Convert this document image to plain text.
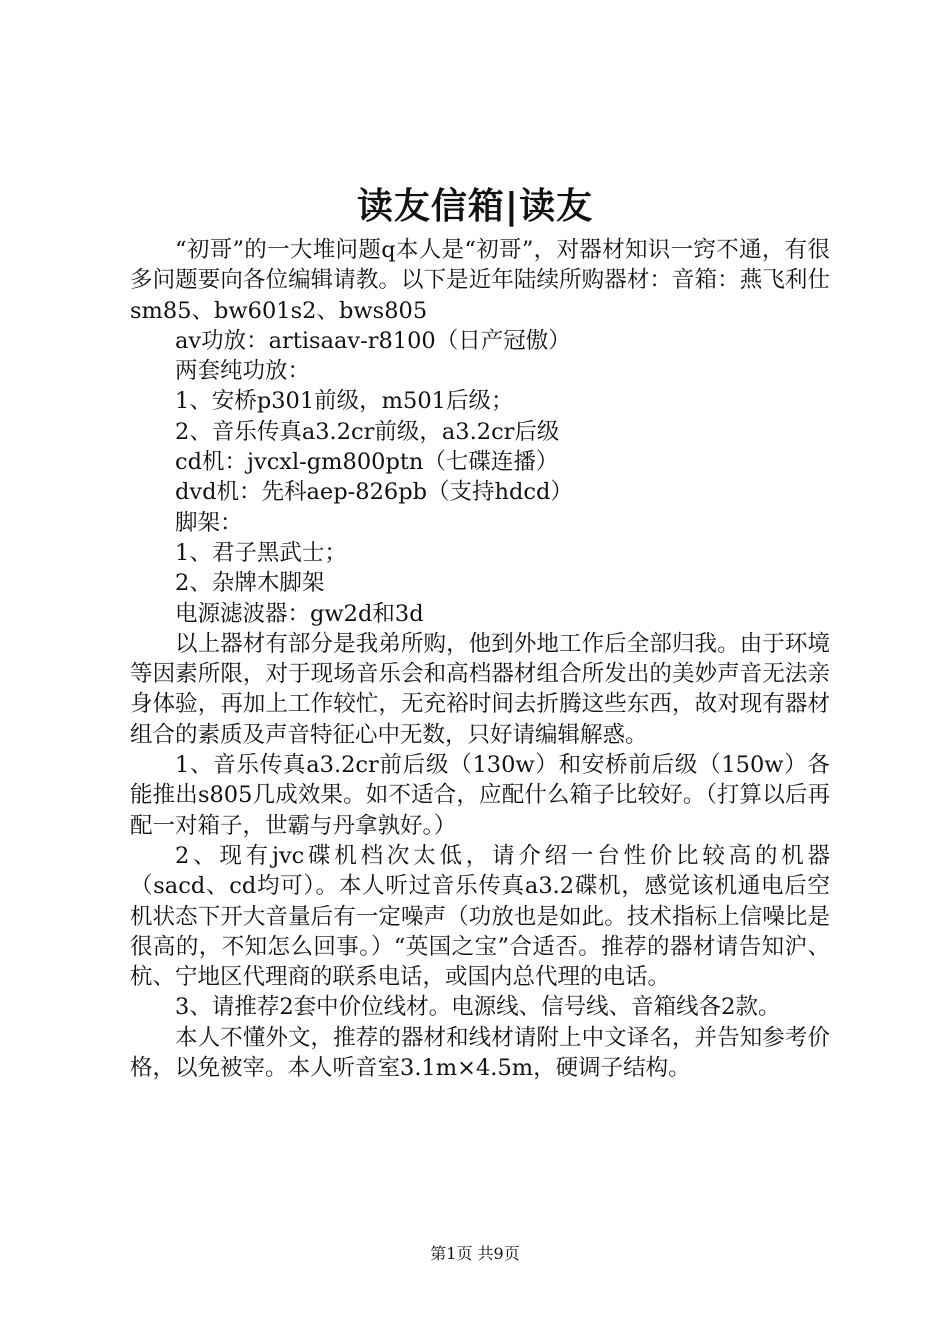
读友信箱|读友

“初哥”的一大堆问题q本人是“初哥”，对器材知识一窍不通，有很多问题要向各位编辑请教。以下是近年陆续所购器材：音箱：燕飞利仕sm85、bw601s2、bws805

av功放：artisaav-r8100（日产冠傲）

两套纯功放：

1、安桥p301前级，m501后级；

2、音乐传真a3.2cr前级，a3.2cr后级

cd机：jvcxl-gm800ptn（七碟连播）

dvd机：先科aep-826pb（支持hdcd）

脚架：

1、君子黑武士；

2、杂牌木脚架

电源滤波器：gw2d和3d

以上器材有部分是我弟所购，他到外地工作后全部归我。由于环境等因素所限，对于现场音乐会和高档器材组合所发出的美妙声音无法亲身体验，再加上工作较忙，无充裕时间去折腾这些东西，故对现有器材组合的素质及声音特征心中无数，只好请编辑解惑。

1、音乐传真a3.2cr前后级（130w）和安桥前后级（150w）各能推出s805几成效果。如不适合，应配什么箱子比较好。（打算以后再配一对箱子，世霸与丹拿孰好。）

2、现有jvc碟机档次太低，请介绍一台性价比较高的机器（sacd、cd均可）。本人听过音乐传真a3.2碟机，感觉该机通电后空机状态下开大音量后有一定噪声（功放也是如此。技术指标上信噪比是很高的，不知怎么回事。）“英国之宝”合适否。推荐的器材请告知沪、杭、宁地区代理商的联系电话，或国内总代理的电话。

3、请推荐2套中价位线材。电源线、信号线、音箱线各2款。

本人不懂外文，推荐的器材和线材请附上中文译名，并告知参考价格，以免被宰。本人听音室3.1m×4.5m，硬调子结构。

第1页 共9页
